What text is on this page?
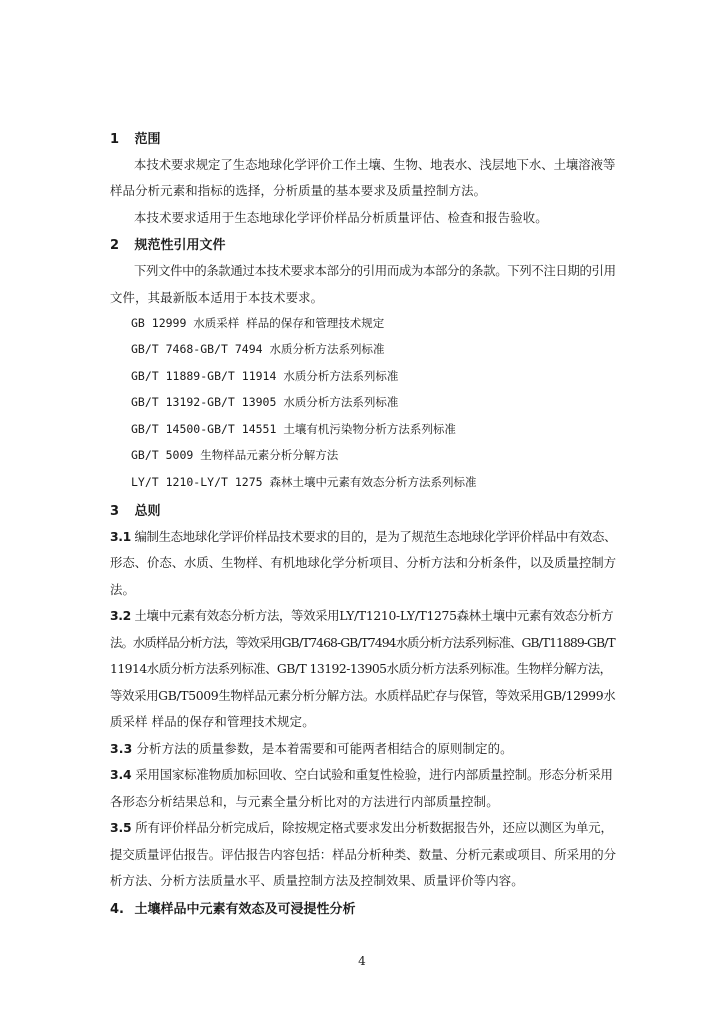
1 范围
本技术要求规定了生态地球化学评价工作土壤、生物、地表水、浅层地下水、土壤溶液等
样品分析元素和指标的选择，分析质量的基本要求及质量控制方法。
本技术要求适用于生态地球化学评价样品分析质量评估、检查和报告验收。
2 规范性引用文件
下列文件中的条款通过本技术要求本部分的引用而成为本部分的条款。下列不注日期的引用
文件，其最新版本适用于本技术要求。
GB 12999 水质采样 样品的保存和管理技术规定
GB/T 7468-GB/T 7494 水质分析方法系列标准
GB/T 11889-GB/T 11914 水质分析方法系列标准
GB/T 13192-GB/T 13905 水质分析方法系列标准
GB/T 14500-GB/T 14551 土壤有机污染物分析方法系列标准
GB/T 5009 生物样品元素分析分解方法
LY/T 1210-LY/T 1275 森林土壤中元素有效态分析方法系列标准
3 总则
3.1 编制生态地球化学评价样品技术要求的目的，是为了规范生态地球化学评价样品中有效态、
形态、价态、水质、生物样、有机地球化学分析项目、分析方法和分析条件，以及质量控制方
法。
3.2 土壤中元素有效态分析方法，等效采用LY/T1210-LY/T1275森林土壤中元素有效态分析方
法。水质样品分析方法，等效采用GB/T7468-GB/T7494水质分析方法系列标准、GB/T11889-GB/T
11914水质分析方法系列标准、GB/T 13192-13905水质分析方法系列标准。生物样分解方法，
等效采用GB/T5009生物样品元素分析分解方法。水质样品贮存与保管，等效采用GB/12999水
质采样 样品的保存和管理技术规定。
3.3 分析方法的质量参数，是本着需要和可能两者相结合的原则制定的。
3.4 采用国家标准物质加标回收、空白试验和重复性检验，进行内部质量控制。形态分析采用
各形态分析结果总和，与元素全量分析比对的方法进行内部质量控制。
3.5 所有评价样品分析完成后，除按规定格式要求发出分析数据报告外，还应以测区为单元，
提交质量评估报告。评估报告内容包括：样品分析种类、数量、分析元素或项目、所采用的分
析方法、分析方法质量水平、质量控制方法及控制效果、质量评价等内容。
4. 土壤样品中元素有效态及可浸提性分析
4
